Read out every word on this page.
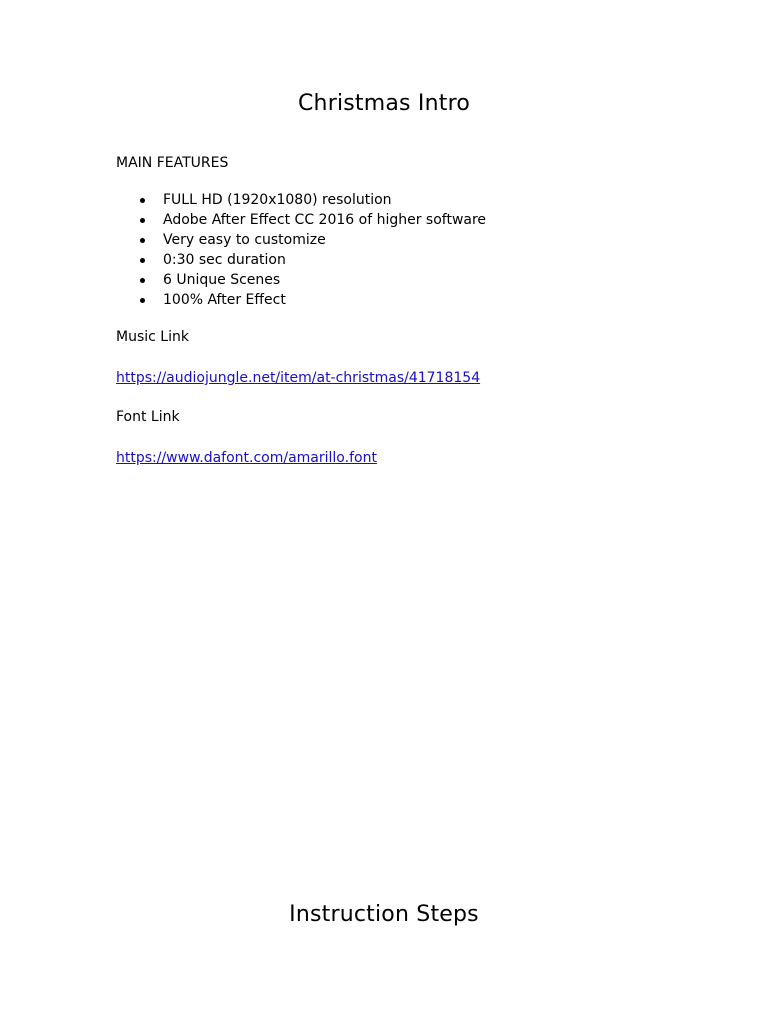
Christmas Intro

MAIN FEATURES

FULL HD (1920x1080) resolution
Adobe After Effect CC 2016 of higher software
Very easy to customize
0:30 sec duration
6 Unique Scenes
100% After Effect

Music Link

https://audiojungle.net/item/at-christmas/41718154

Font Link

https://www.dafont.com/amarillo.font

Instruction Steps
